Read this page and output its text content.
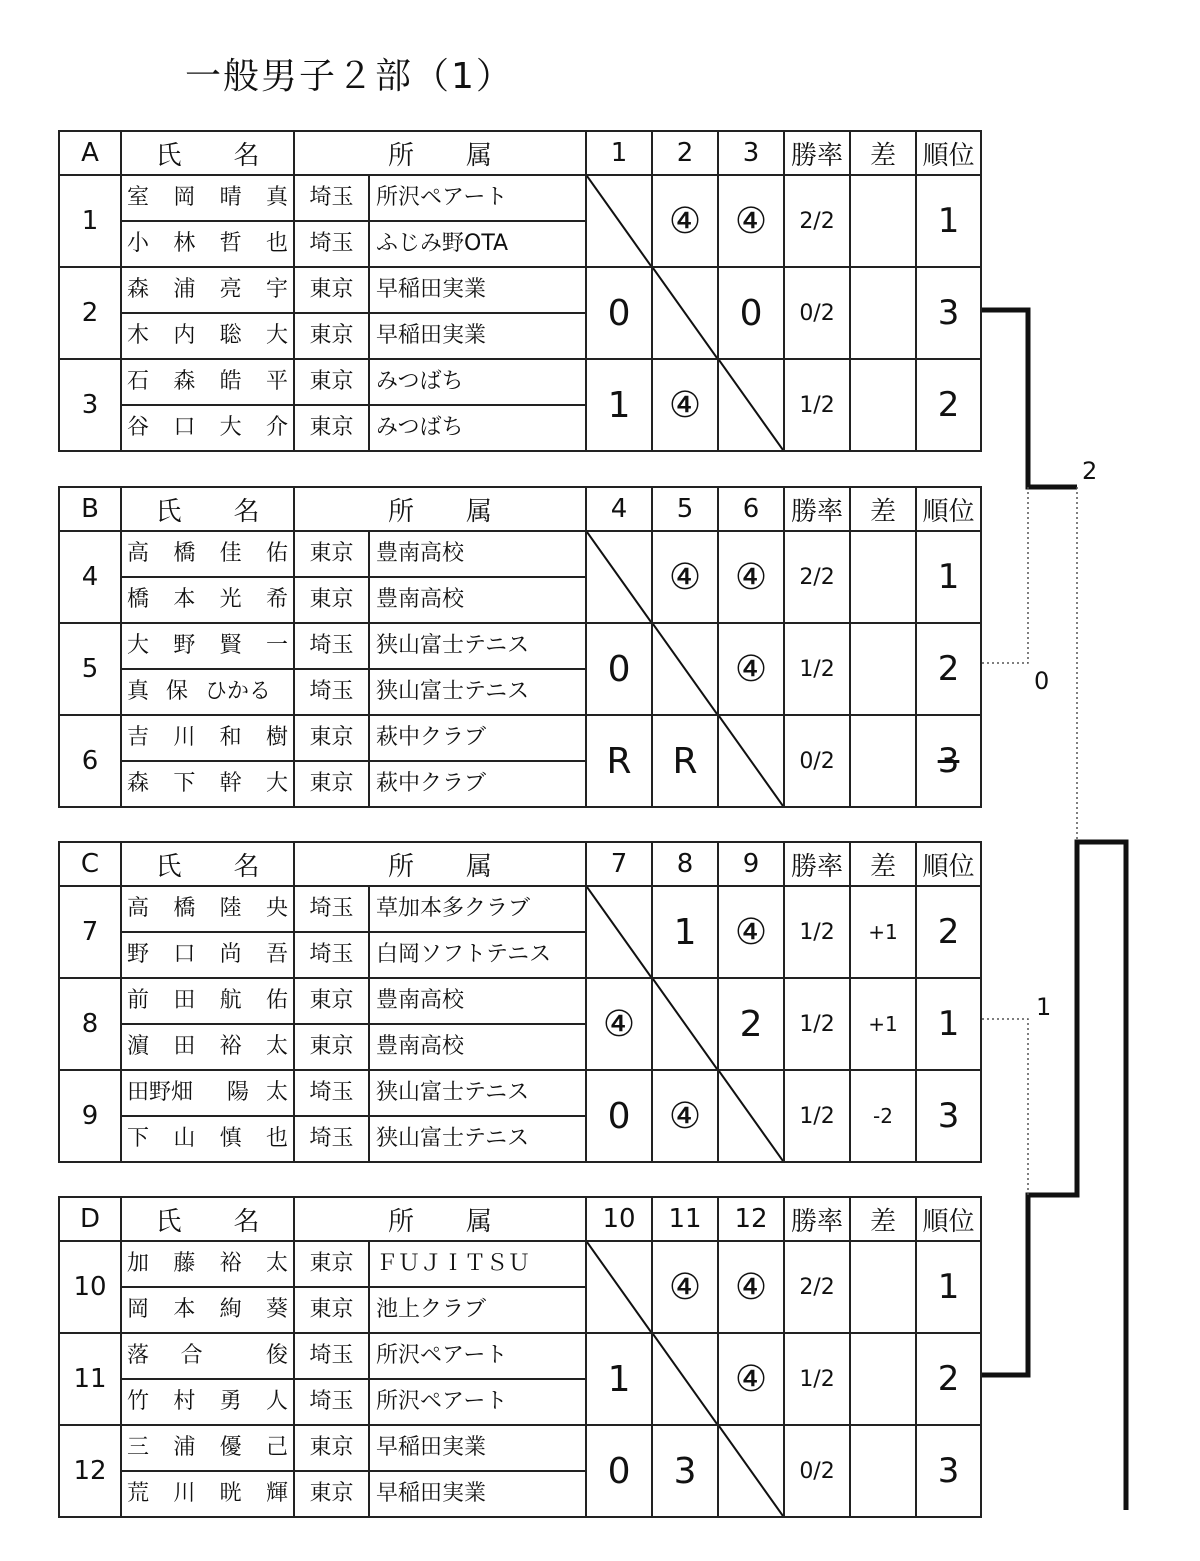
一般男子２部（1）
A	氏　　名	所　　属		1	2	3	勝率	差	順位
1	室 岡 晴 真	埼玉	所沢ペアート		④	④	2/2		1

	小 林 哲 也	埼玉	ふじみ野OTA						
2	森 浦 亮 宇	東京	早稲田実業	0		0	0/2		3

	木 内 聡 大	東京	早稲田実業						
3	石 森 皓 平	東京	みつばち	1	④		1/2		2

	谷 口 大 介	東京	みつばち						
B	氏　　名	所　　属		4	5	6	勝率	差	順位
4	高 橋 佳 佑	東京	豊南高校		④	④	2/2		1

	橋 本 光 希	東京	豊南高校						
5	大 野 賢 一	埼玉	狭山富士テニス	0		④	1/2		2

	真 保 ひかる	埼玉	狭山富士テニス						
6	吉 川 和 樹	東京	萩中クラブ	R	R		0/2		3

	森 下 幹 大	東京	萩中クラブ						
C	氏　　名	所　　属		7	8	9	勝率	差	順位
7	高 橋 陸 央	埼玉	草加本多クラブ		1	④	1/2	+1	2

	野 口 尚 吾	埼玉	白岡ソフトテニス						
8	前 田 航 佑	東京	豊南高校	④		2	1/2	+1	1

	濵 田 裕 太	東京	豊南高校						
9	田野畑 陽 太	埼玉	狭山富士テニス	0	④		1/2	-2	3

	下 山 慎 也	埼玉	狭山富士テニス						
D	氏　　名	所　　属		10	11	12	勝率	差	順位
10	加 藤 裕 太	東京	ＦＵＪＩＴＳＵ		④	④	2/2		1

	岡 本 絢 葵	東京	池上クラブ						
11	落 合 俊	埼玉	所沢ペアート	1		④	1/2		2

	竹 村 勇 人	埼玉	所沢ペアート						
12	三 浦 優 己	東京	早稲田実業	0	3		0/2		3

	荒 川 晄 輝	東京	早稲田実業						
2
0
1
